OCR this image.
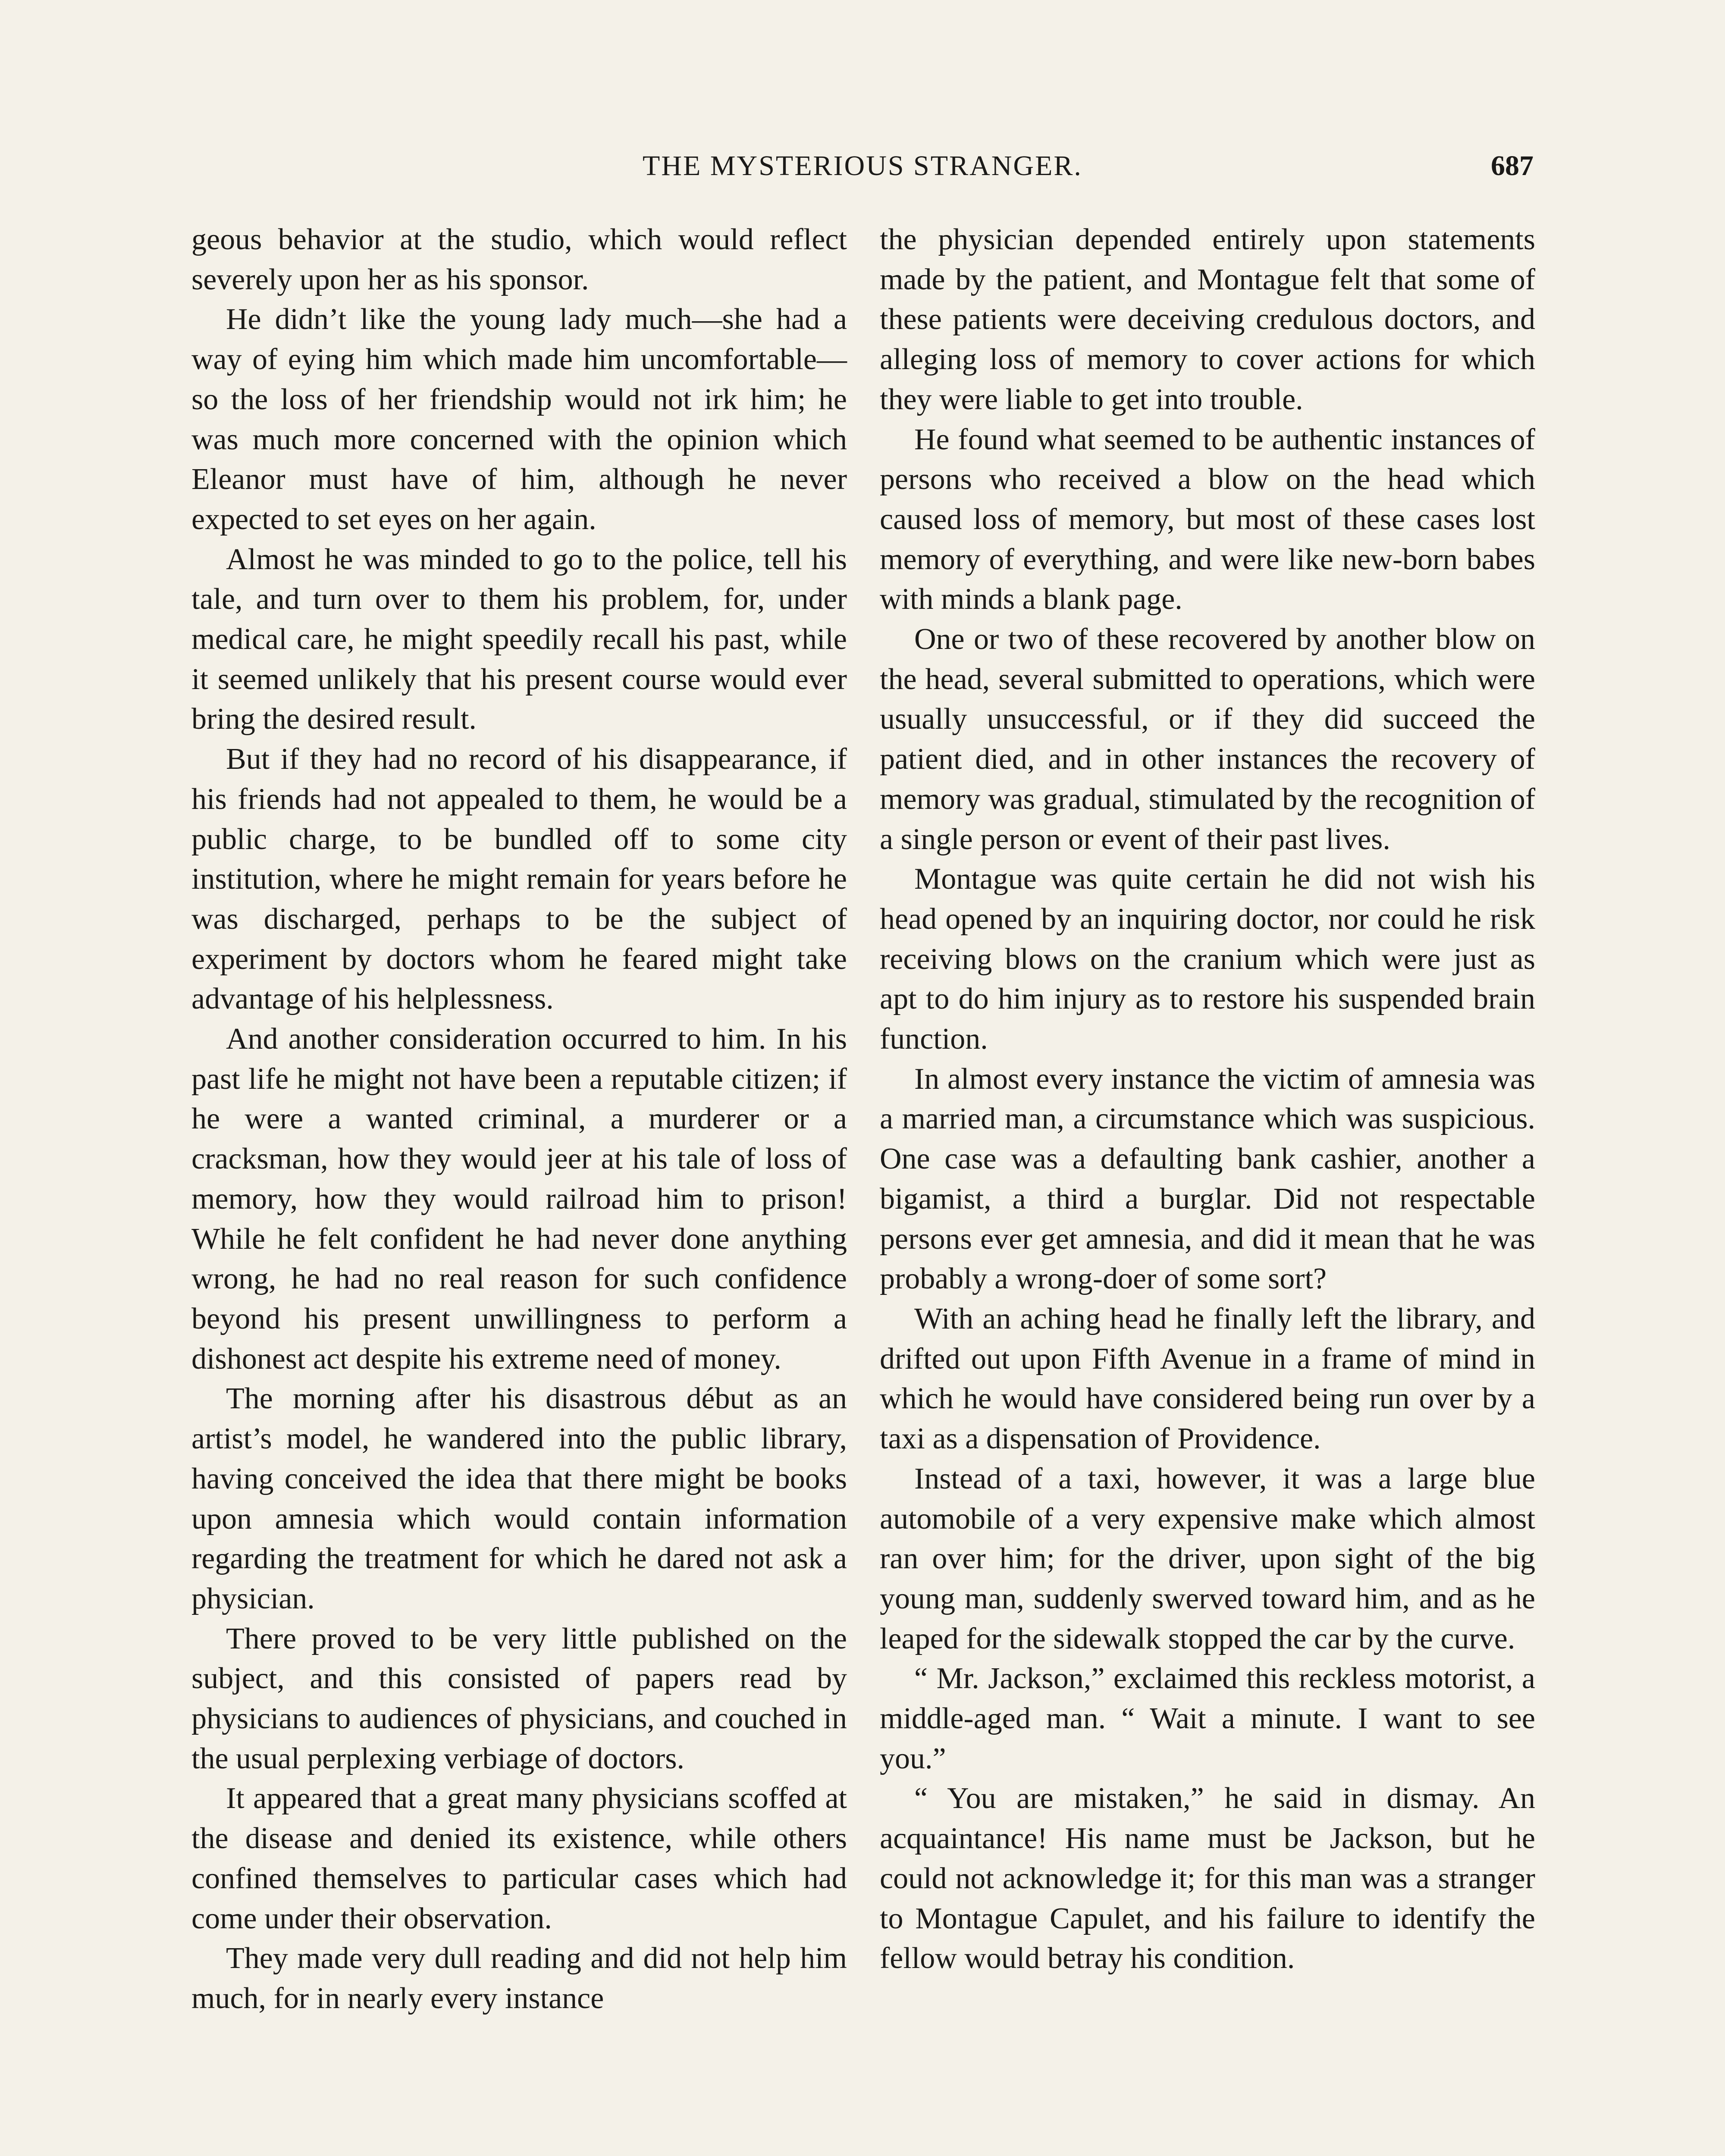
THE MYSTERIOUS STRANGER.	687

geous behavior at the studio, which would reflect severely upon her as his sponsor.

He didn’t like the young lady much—she had a way of eying him which made him uncomfortable—so the loss of her friendship would not irk him; he was much more concerned with the opinion which Eleanor must have of him, although he never expected to set eyes on her again.

Almost he was minded to go to the police, tell his tale, and turn over to them his problem, for, under medical care, he might speedily recall his past, while it seemed unlikely that his present course would ever bring the desired result.

But if they had no record of his disappearance, if his friends had not appealed to them, he would be a public charge, to be bundled off to some city institution, where he might remain for years before he was discharged, perhaps to be the subject of experiment by doctors whom he feared might take advantage of his helplessness.

And another consideration occurred to him. In his past life he might not have been a reputable citizen; if he were a wanted criminal, a murderer or a cracksman, how they would jeer at his tale of loss of memory, how they would railroad him to prison! While he felt confident he had never done anything wrong, he had no real reason for such confidence beyond his present unwillingness to perform a dishonest act despite his extreme need of money.

The morning after his disastrous début as an artist’s model, he wandered into the public library, having conceived the idea that there might be books upon amnesia which would contain information regarding the treatment for which he dared not ask a physician.

There proved to be very little published on the subject, and this consisted of papers read by physicians to audiences of physicians, and couched in the usual perplexing verbiage of doctors.

It appeared that a great many physicians scoffed at the disease and denied its existence, while others confined themselves to particular cases which had come under their observation.

They made very dull reading and did not help him much, for in nearly every instance

the physician depended entirely upon statements made by the patient, and Montague felt that some of these patients were deceiving credulous doctors, and alleging loss of memory to cover actions for which they were liable to get into trouble.

He found what seemed to be authentic instances of persons who received a blow on the head which caused loss of memory, but most of these cases lost memory of everything, and were like new-born babes with minds a blank page.

One or two of these recovered by another blow on the head, several submitted to operations, which were usually unsuccessful, or if they did succeed the patient died, and in other instances the recovery of memory was gradual, stimulated by the recognition of a single person or event of their past lives.

Montague was quite certain he did not wish his head opened by an inquiring doctor, nor could he risk receiving blows on the cranium which were just as apt to do him injury as to restore his suspended brain function.

In almost every instance the victim of amnesia was a married man, a circumstance which was suspicious. One case was a defaulting bank cashier, another a bigamist, a third a burglar. Did not respectable persons ever get amnesia, and did it mean that he was probably a wrong-doer of some sort?

With an aching head he finally left the library, and drifted out upon Fifth Avenue in a frame of mind in which he would have considered being run over by a taxi as a dispensation of Providence.

Instead of a taxi, however, it was a large blue automobile of a very expensive make which almost ran over him; for the driver, upon sight of the big young man, suddenly swerved toward him, and as he leaped for the sidewalk stopped the car by the curve.

“ Mr. Jackson,” exclaimed this reckless motorist, a middle-aged man. “ Wait a minute. I want to see you.”

“ You are mistaken,” he said in dismay. An acquaintance! His name must be Jackson, but he could not acknowledge it; for this man was a stranger to Montague Capulet, and his failure to identify the fellow would betray his condition.
